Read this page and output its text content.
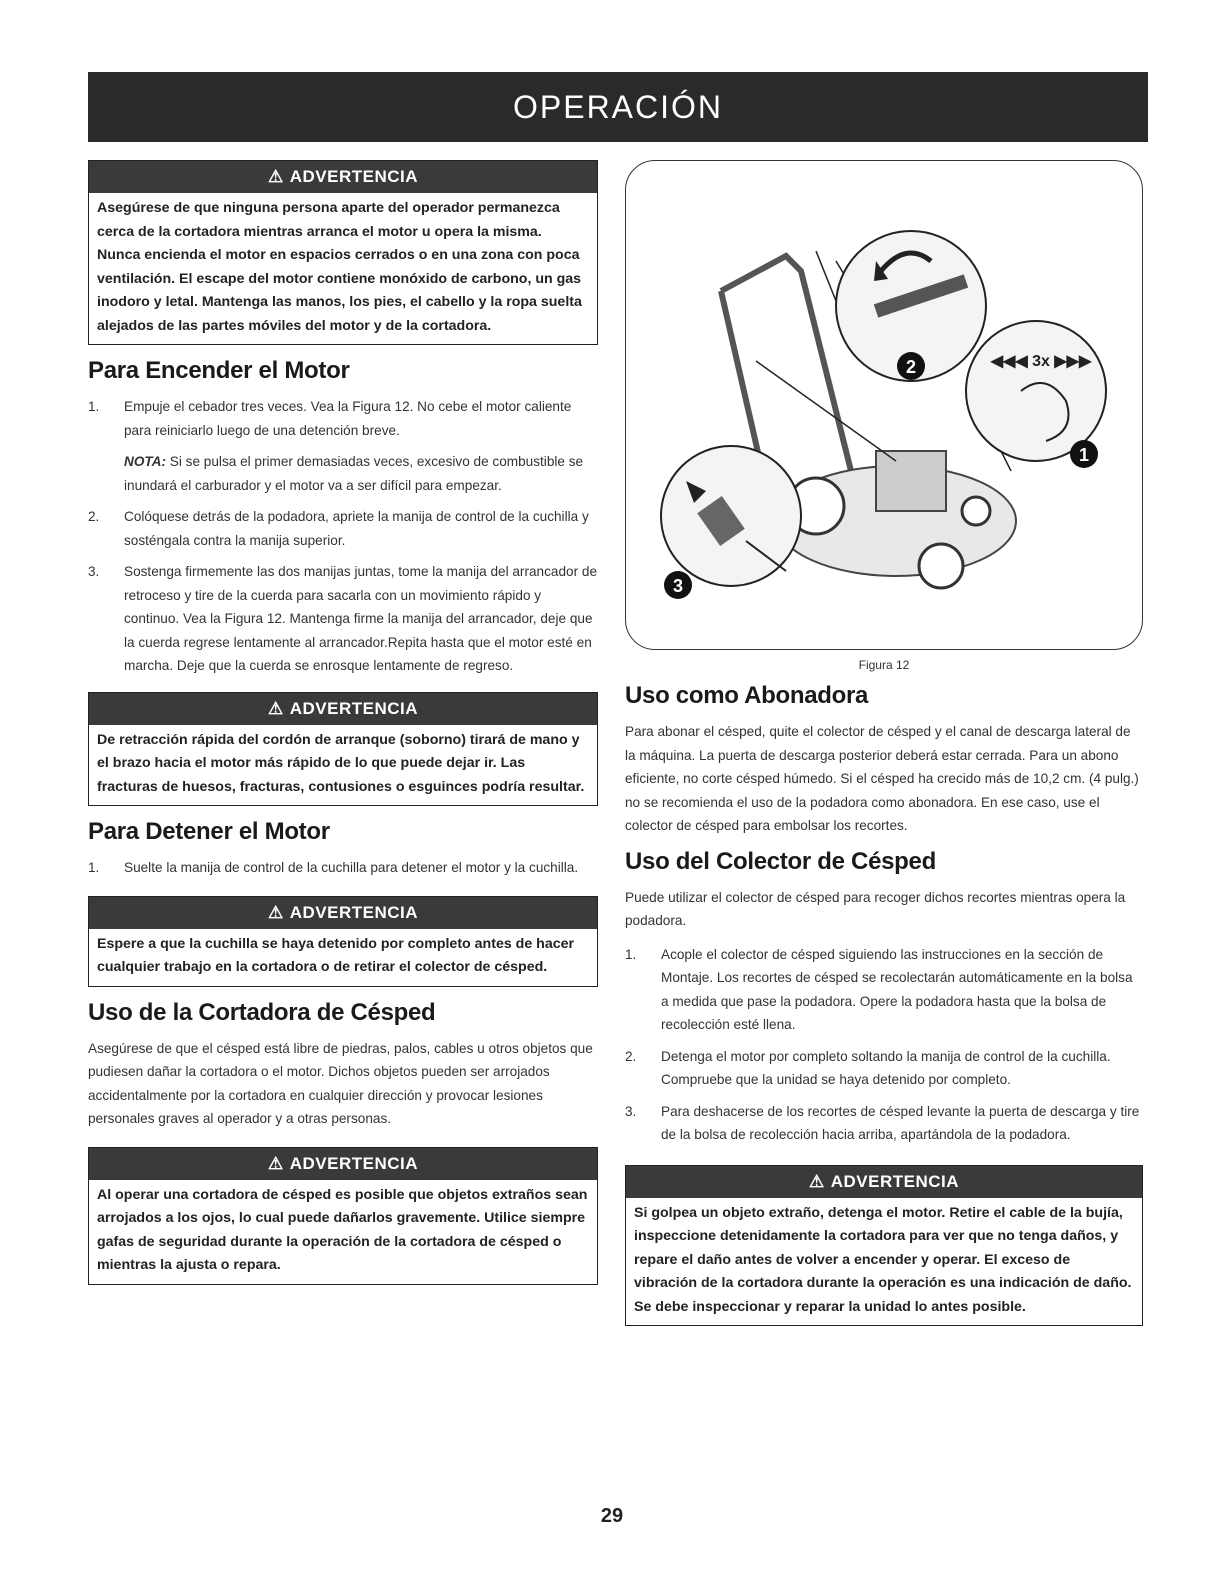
OPERACIÓN
⚠ ADVERTENCIA
Asegúrese de que ninguna persona aparte del operador permanezca cerca de la cortadora mientras arranca el motor u opera la misma. Nunca encienda el motor en espacios cerrados o en una zona con poca ventilación. El escape del motor contiene monóxido de carbono, un gas inodoro y letal. Mantenga las manos, los pies, el cabello y la ropa suelta alejados de las partes móviles del motor y de la cortadora.
Para Encender el Motor
1.	Empuje el cebador tres veces. Vea la Figura 12. No cebe el motor caliente para reiniciarlo luego de una detención breve.
NOTA: Si se pulsa el primer demasiadas veces, excesivo de combustible se inundará el carburador y el motor va a ser difícil para empezar.
2.	Colóquese detrás de la podadora, apriete la manija de control de la cuchilla y sosténgala contra la manija superior.
3.	Sostenga firmemente las dos manijas juntas, tome la manija del arrancador de retroceso y tire de la cuerda para sacarla con un movimiento rápido y continuo. Vea la Figura 12. Mantenga firme la manija del arrancador, deje que la cuerda regrese lentamente al arrancador.Repita hasta que el motor esté en marcha. Deje que la cuerda se enrosque lentamente de regreso.
⚠ ADVERTENCIA
De retracción rápida del cordón de arranque (soborno) tirará de mano y el brazo hacia el motor más rápido de lo que puede dejar ir. Las fracturas de huesos, fracturas, contusiones o esguinces podría resultar.
Para Detener el Motor
1.	Suelte la manija de control de la cuchilla para detener el motor y la cuchilla.
⚠ ADVERTENCIA
Espere a que la cuchilla se haya detenido por completo antes de hacer cualquier trabajo en la cortadora o de retirar el colector de césped.
Uso de la Cortadora de Césped

Asegúrese de que el césped está libre de piedras, palos, cables u otros objetos que pudiesen dañar la cortadora o el motor. Dichos objetos pueden ser arrojados accidentalmente por la cortadora en cualquier dirección y provocar lesiones personales graves al operador y a otras personas.

⚠ ADVERTENCIA
Al operar una cortadora de césped es posible que objetos extraños sean arrojados a los ojos, lo cual puede dañarlos gravemente. Utilice siempre gafas de seguridad durante la operación de la cortadora de césped o mientras la ajusta o repara.
2	◀◀◀ 3x ▶▶▶
1
3
Figura 12
Uso como Abonadora

Para abonar el césped, quite el colector de césped y el canal de descarga lateral de la máquina. La puerta de descarga posterior deberá estar cerrada. Para un abono eficiente, no corte césped húmedo. Si el césped ha crecido más de 10,2 cm. (4 pulg.) no se recomienda el uso de la podadora como abonadora. En ese caso, use el colector de césped para embolsar los recortes.

Uso del Colector de Césped

Puede utilizar el colector de césped para recoger dichos recortes mientras opera la podadora.

1.	Acople el colector de césped siguiendo las instrucciones en la sección de Montaje. Los recortes de césped se recolectarán automáticamente en la bolsa a medida que pase la podadora. Opere la podadora hasta que la bolsa de recolección esté llena.
2.	Detenga el motor por completo soltando la manija de control de la cuchilla. Compruebe que la unidad se haya detenido por completo.
3.	Para deshacerse de los recortes de césped levante la puerta de descarga y tire de la bolsa de recolección hacia arriba, apartándola de la podadora.
⚠ ADVERTENCIA
Si golpea un objeto extraño, detenga el motor. Retire el cable de la bujía, inspeccione detenidamente la cortadora para ver que no tenga daños, y repare el daño antes de volver a encender y operar. El exceso de vibración de la cortadora durante la operación es una indicación de daño. Se debe inspeccionar y reparar la unidad lo antes posible.
29
